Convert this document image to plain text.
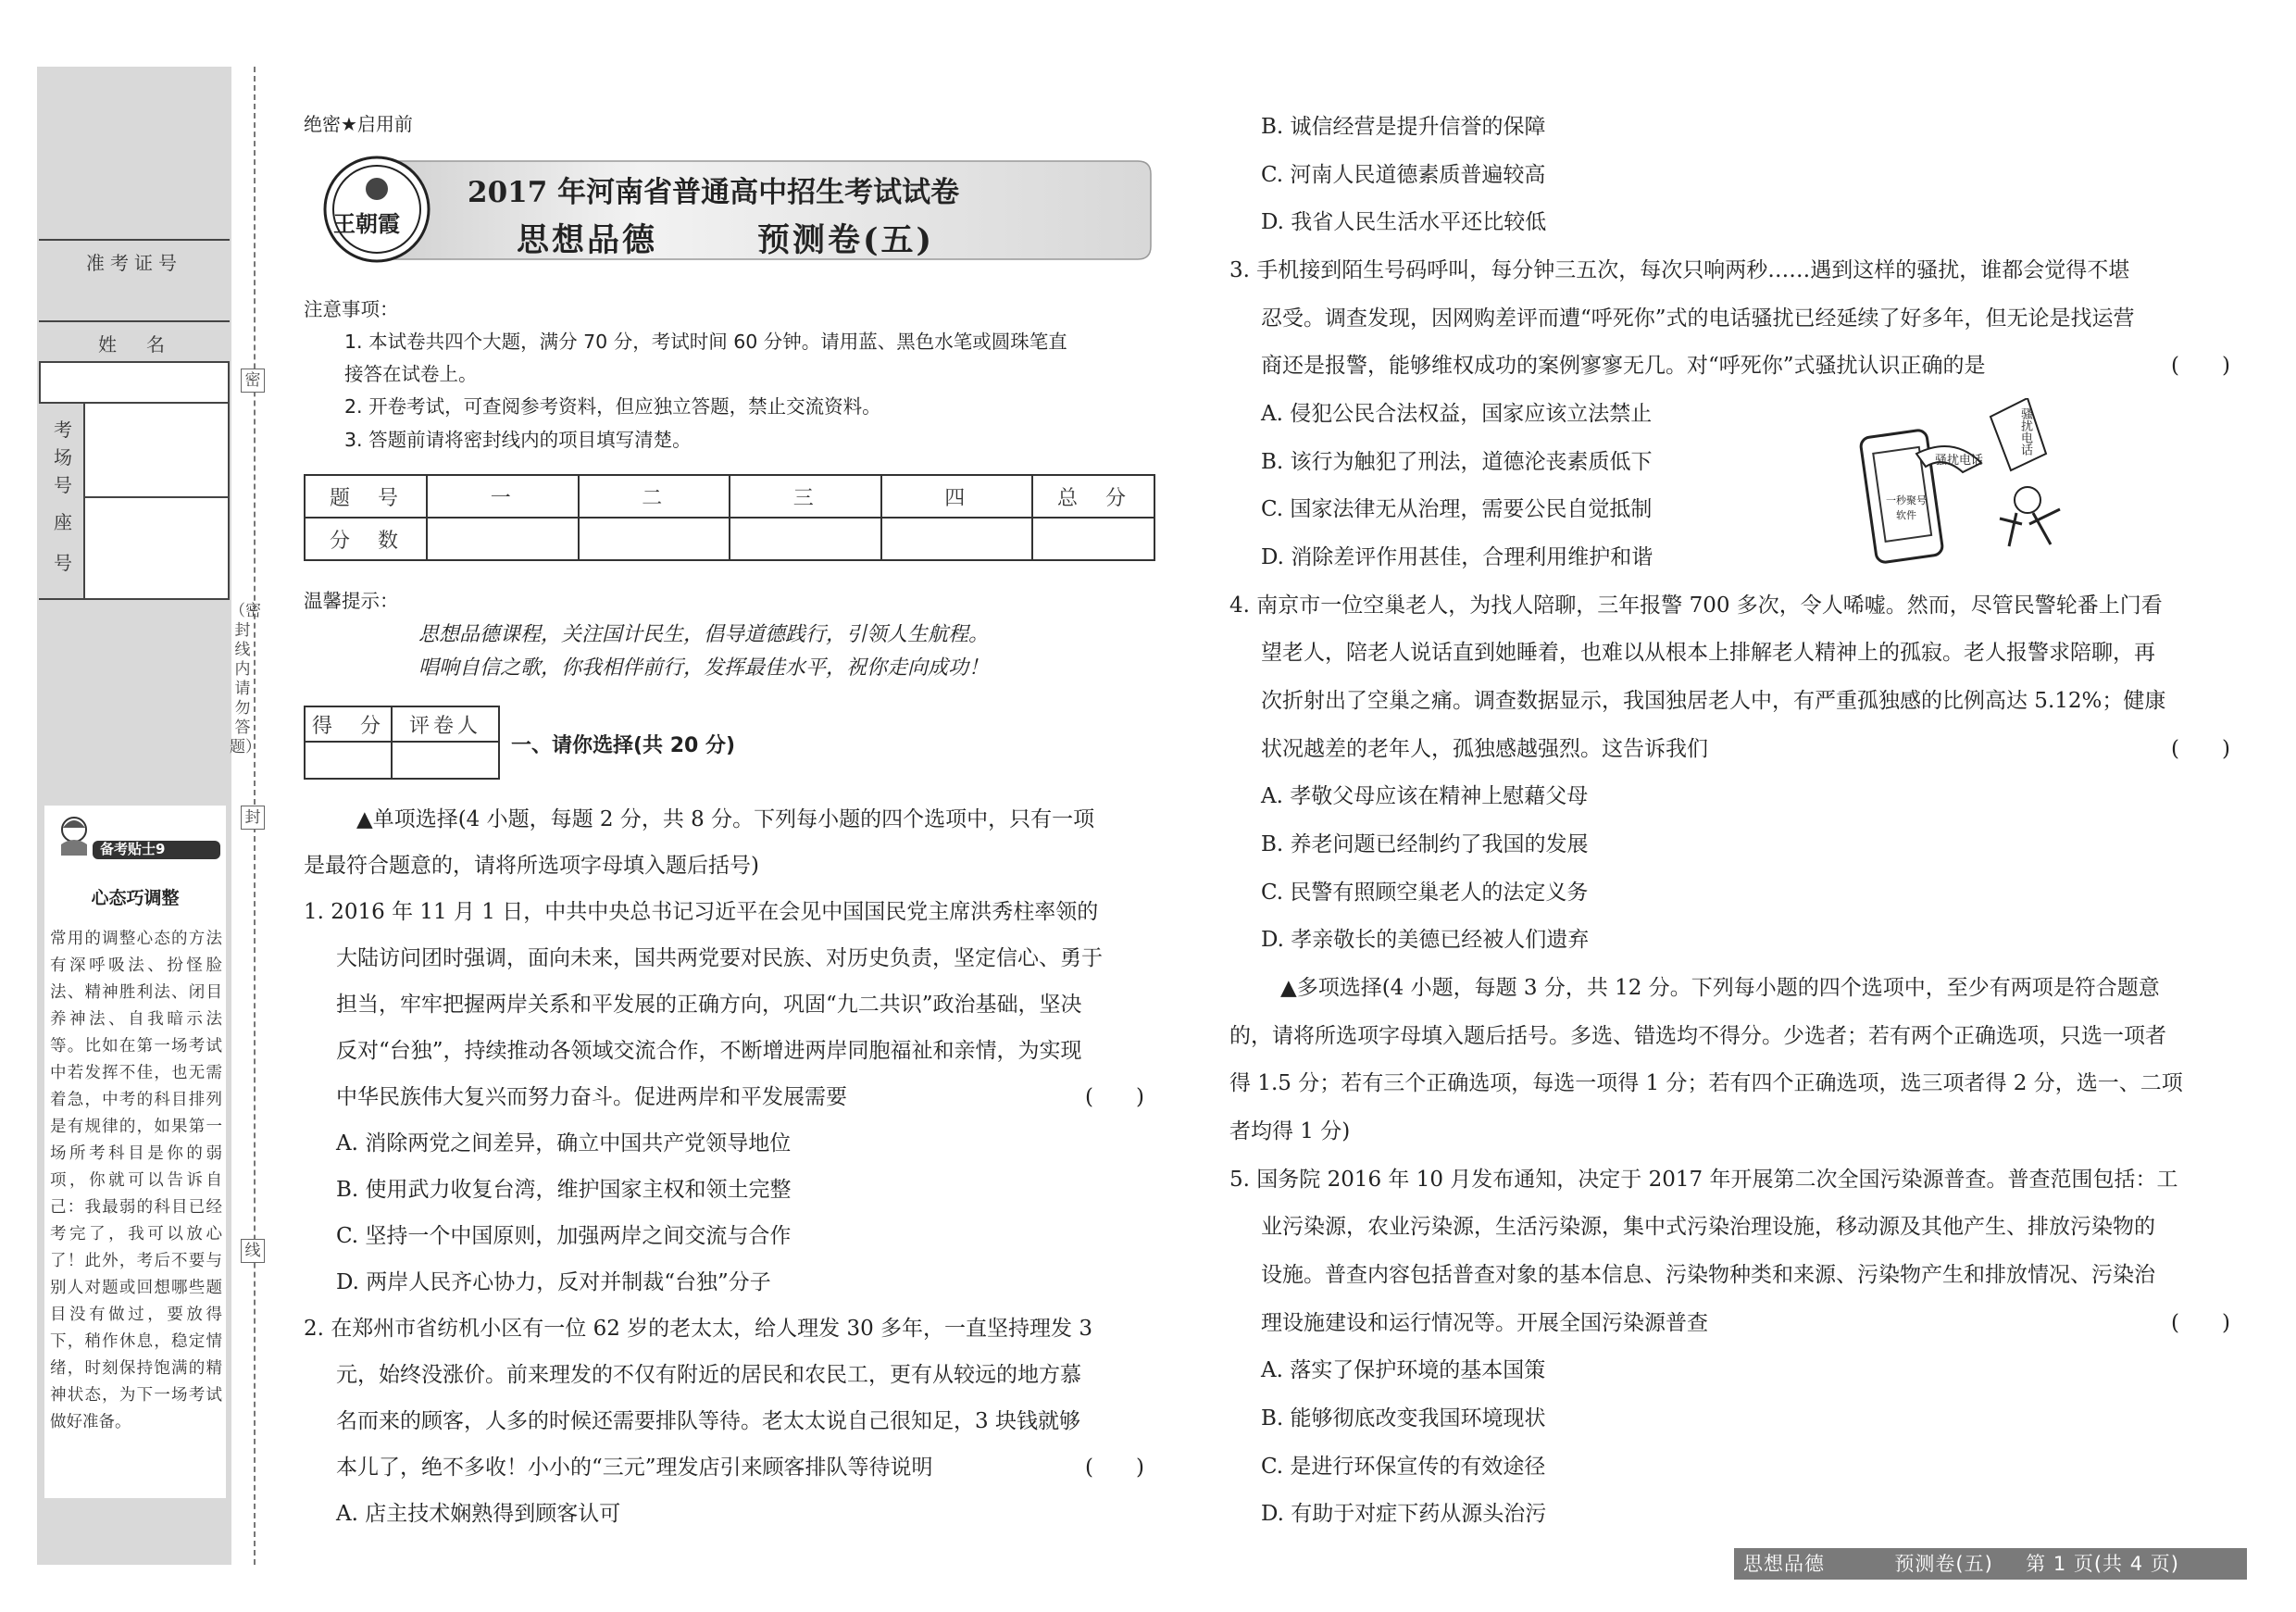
准考证号
姓　名
考
场
号
座
号
密
封
线
（密封线内请勿答题）
备考贴士9
心态巧调整
常用的调整心态的方法有深呼吸法、扮怪脸法、精神胜利法、闭目养神法、自我暗示法等。比如在第一场考试中若发挥不佳，也无需着急，中考的科目排列是有规律的，如果第一场所考科目是你的弱项，你就可以告诉自己：我最弱的科目已经考完了，我可以放心了！此外，考后不要与别人对题或回想哪些题目没有做过，要放得下，稍作休息，稳定情绪，时刻保持饱满的精神状态，为下一场考试做好准备。
绝密★启用前
王朝霞
2017 年河南省普通高中招生考试试卷
思想品德	预测卷(五)
注意事项：
1. 本试卷共四个大题，满分 70 分，考试时间 60 分钟。请用蓝、黑色水笔或圆珠笔直
接答在试卷上。
2. 开卷考试，可查阅参考资料，但应独立答题，禁止交流资料。
3. 答题前请将密封线内的项目填写清楚。
题　号	一	二	三	四	总　分
分　数					
温馨提示：
思想品德课程，关注国计民生，倡导道德践行，引领人生航程。
唱响自信之歌，你我相伴前行，发挥最佳水平，祝你走向成功！
得　分	评卷人

一、请你选择(共 20 分)
▲单项选择(4 小题，每题 2 分，共 8 分。下列每小题的四个选项中，只有一项
是最符合题意的，请将所选项字母填入题后括号)
1. 2016 年 11 月 1 日，中共中央总书记习近平在会见中国国民党主席洪秀柱率领的
大陆访问团时强调，面向未来，国共两党要对民族、对历史负责，坚定信心、勇于
担当，牢牢把握两岸关系和平发展的正确方向，巩固“九二共识”政治基础，坚决
反对“台独”，持续推动各领域交流合作，不断增进两岸同胞福祉和亲情，为实现
中华民族伟大复兴而努力奋斗。促进两岸和平发展需要	(　　)
A. 消除两党之间差异，确立中国共产党领导地位
B. 使用武力收复台湾，维护国家主权和领土完整
C. 坚持一个中国原则，加强两岸之间交流与合作
D. 两岸人民齐心协力，反对并制裁“台独”分子
2. 在郑州市省纺机小区有一位 62 岁的老太太，给人理发 30 多年，一直坚持理发 3
元，始终没涨价。前来理发的不仅有附近的居民和农民工，更有从较远的地方慕
名而来的顾客，人多的时候还需要排队等待。老太太说自己很知足，3 块钱就够
本儿了，绝不多收！小小的“三元”理发店引来顾客排队等待说明	(　　)
A. 店主技术娴熟得到顾客认可
B. 诚信经营是提升信誉的保障
C. 河南人民道德素质普遍较高
D. 我省人民生活水平还比较低
3. 手机接到陌生号码呼叫，每分钟三五次，每次只响两秒……遇到这样的骚扰，谁都会觉得不堪
忍受。调查发现，因网购差评而遭“呼死你”式的电话骚扰已经延续了好多年，但无论是找运营
商还是报警，能够维权成功的案例寥寥无几。对“呼死你”式骚扰认识正确的是	(　　)
A. 侵犯公民合法权益，国家应该立法禁止
B. 该行为触犯了刑法，道德沦丧素质低下
C. 国家法律无从治理，需要公民自觉抵制
D. 消除差评作用甚佳，合理利用维护和谐
骚扰电话
骚扰电话
一秒聚号软件
4. 南京市一位空巢老人，为找人陪聊，三年报警 700 多次，令人唏嘘。然而，尽管民警轮番上门看
望老人，陪老人说话直到她睡着，也难以从根本上排解老人精神上的孤寂。老人报警求陪聊，再
次折射出了空巢之痛。调查数据显示，我国独居老人中，有严重孤独感的比例高达 5.12%；健康
状况越差的老年人，孤独感越强烈。这告诉我们	(　　)
A. 孝敬父母应该在精神上慰藉父母
B. 养老问题已经制约了我国的发展
C. 民警有照顾空巢老人的法定义务
D. 孝亲敬长的美德已经被人们遗弃
▲多项选择(4 小题，每题 3 分，共 12 分。下列每小题的四个选项中，至少有两项是符合题意
的，请将所选项字母填入题后括号。多选、错选均不得分。少选者；若有两个正确选项，只选一项者
得 1.5 分；若有三个正确选项，每选一项得 1 分；若有四个正确选项，选三项者得 2 分，选一、二项
者均得 1 分)
5. 国务院 2016 年 10 月发布通知，决定于 2017 年开展第二次全国污染源普查。普查范围包括：工
业污染源，农业污染源，生活污染源，集中式污染治理设施，移动源及其他产生、排放污染物的
设施。普查内容包括普查对象的基本信息、污染物种类和来源、污染物产生和排放情况、污染治
理设施建设和运行情况等。开展全国污染源普查	(　　)
A. 落实了保护环境的基本国策
B. 能够彻底改变我国环境现状
C. 是进行环保宣传的有效途径
D. 有助于对症下药从源头治污
思想品德	预测卷(五) 第 1 页(共 4 页)
